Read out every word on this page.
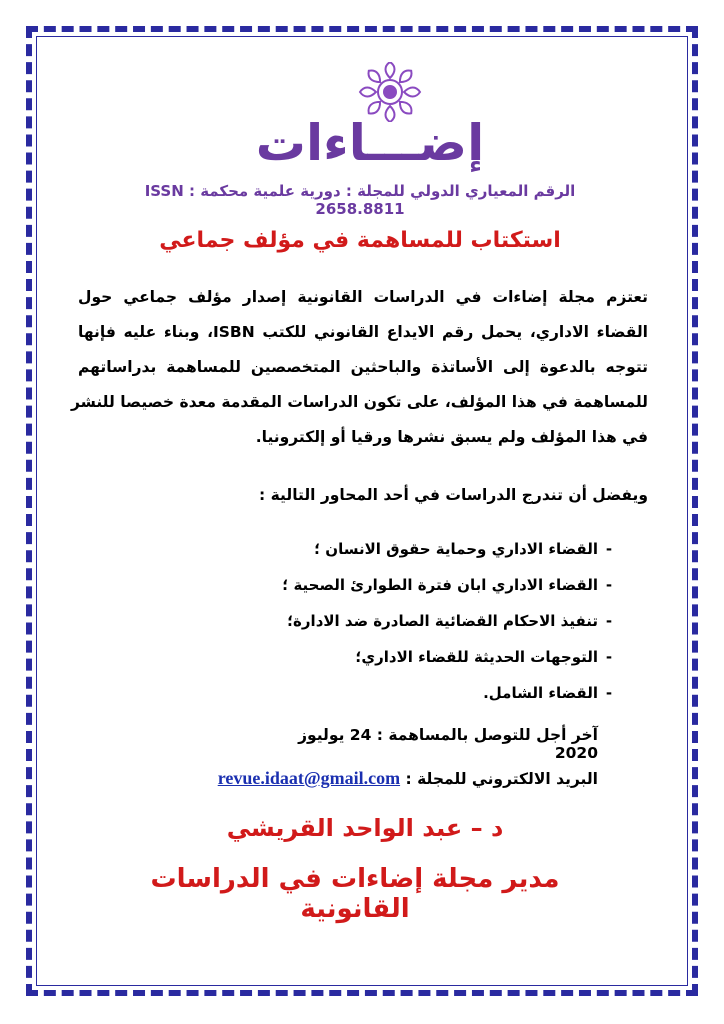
إضـــاءات
الرقم المعياري الدولي للمجلة : دورية علمية محكمة ISSN : 2658.8811
استكتاب للمساهمة في مؤلف جماعي
تعتزم مجلة إضاءات في الدراسات القانونية إصدار مؤلف جماعي حول
القضاء الاداري، يحمل رقم الايداع القانوني للكتب ISBN، وبناء عليه فإنها
تتوجه بالدعوة إلى الأساتذة والباحثين المتخصصين للمساهمة بدراساتهم
للمساهمة في هذا المؤلف، على تكون الدراسات المقدمة معدة خصيصا للنشر
في هذا المؤلف ولم يسبق نشرها ورقيا أو إلكترونيا.
ويفضل أن تندرج الدراسات في أحد المحاور التالية :
-القضاء الاداري وحماية حقوق الانسان ؛
-القضاء الاداري ابان فترة الطوارئ الصحية ؛
-تنفيذ الاحكام القضائية الصادرة ضد الادارة؛
-التوجهات الحديثة للقضاء الاداري؛
-القضاء الشامل.
آخر أجل للتوصل بالمساهمة : 24 يوليوز 2020
البريد الالكتروني للمجلة : revue.idaat@gmail.com
د – عبد الواحد القريشي
مدير مجلة إضاءات في الدراسات القانونية
